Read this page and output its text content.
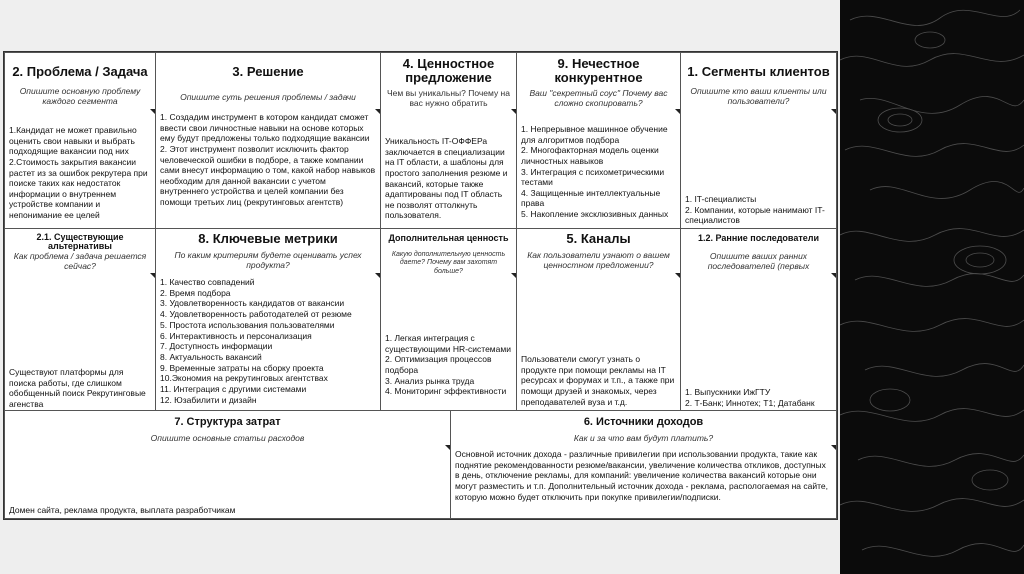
2. Проблема / Задача
Опишите основную проблему каждого сегмента
1.Кандидат не может правильно оценить свои навыки и выбрать подходящие вакансии под них
2.Стоимость закрытия вакансии растет из за ошибок рекрутера при поиске таких как недостаток информации о внутреннем устройстве компании и непонимание ее целей
2.1. Существующие альтернативы
Как проблема / задача решается сейчас?
Существуют платформы для поиска работы, где слишком обобщенный поиск Рекрутинговые агенства
3. Решение
Опишите суть решения проблемы / задачи
1. Создадим инструмент в котором кандидат сможет ввести свои личностные навыки на основе которых ему будут предложены только подходящие вакансии
2. Этот инструмент позволит исключить фактор человеческой ошибки в подборе, а также компании сами внесут информацию о том, какой набор навыков необходим для данной вакансии с учетом внутреннего устройства и целей компании без помощи третьих лиц (рекрутинговых агентств)
8. Ключевые метрики
По каким критериям будете оценивать успех продукта?
1. Качество совпадений
2. Время подбора
3. Удовлетворенность кандидатов от вакансии
4. Удовлетворенность работодателей от резюме
5. Простота использования пользователями
6. Интерактивность и персонализация
7. Доступность информации
8. Актуальность вакансий
9. Временные затраты на сборку проекта
10.Экономия на рекрутинговых агентствах
11. Интеграция с другими системами
12. Юзабилити и дизайн
4. Ценностное предложение
Чем вы уникальны? Почему на вас нужно обратить
Уникальность IT-ОФФЕРа заключается в специализации на IT области, а шаблоны для простого заполнения резюме и вакансий, которые также адаптированы под IT область не позволят оттолкнуть пользователя.
Дополнительная ценность
Какую дополнительную ценность даете? Почему вам захотят больше?
1. Легкая интеграция с существующими HR-системами
2. Оптимизация процессов подбора
3. Анализ рынка труда
4. Мониторинг эффективности
9. Нечестное конкурентное
Ваш "секретный соус" Почему вас сложно скопировать?
1. Непрерывное машинное обучение для алгоритмов подбора
2. Многофакторная модель оценки личностных навыков
3. Интеграция с психометрическими тестами
4. Защищенные интеллектуальные права
5. Накопление эксклюзивных данных
5. Каналы
Как пользователи узнают о вашем ценностном предложении?
Пользователи смогут узнать о продукте при помощи рекламы на IT ресурсах и форумах и т.п., а также при помощи друзей и знакомых, через преподавателей вуза и т.д.
1. Сегменты клиентов
Опишите кто ваши клиенты или пользователи?
1. IT-специалисты
2. Компании, которые нанимают IT-специалистов
1.2. Ранние последователи
Опишите ваших ранних последователей (первых
1. Выпускники ИжГТУ
2. Т-Банк; Иннотех; Т1; Датабанк
7. Структура затрат
Опишите основные статьи расходов
Домен сайта, реклама продукта, выплата разработчикам
6. Источники доходов
Как и за что вам будут платить?
Основной источник дохода - различные привилегии при использовании продукта, такие как поднятие рекомендованности резюме/вакансии, увеличение количества откликов, доступных в день, отключение рекламы, для компаний: увеличение количества вакансий которые они могут разместить и т.п. Дополнительный источник дохода - реклама, распологаемая на сайте, которую можно будет отключить при покупке привилегии/подписки.
